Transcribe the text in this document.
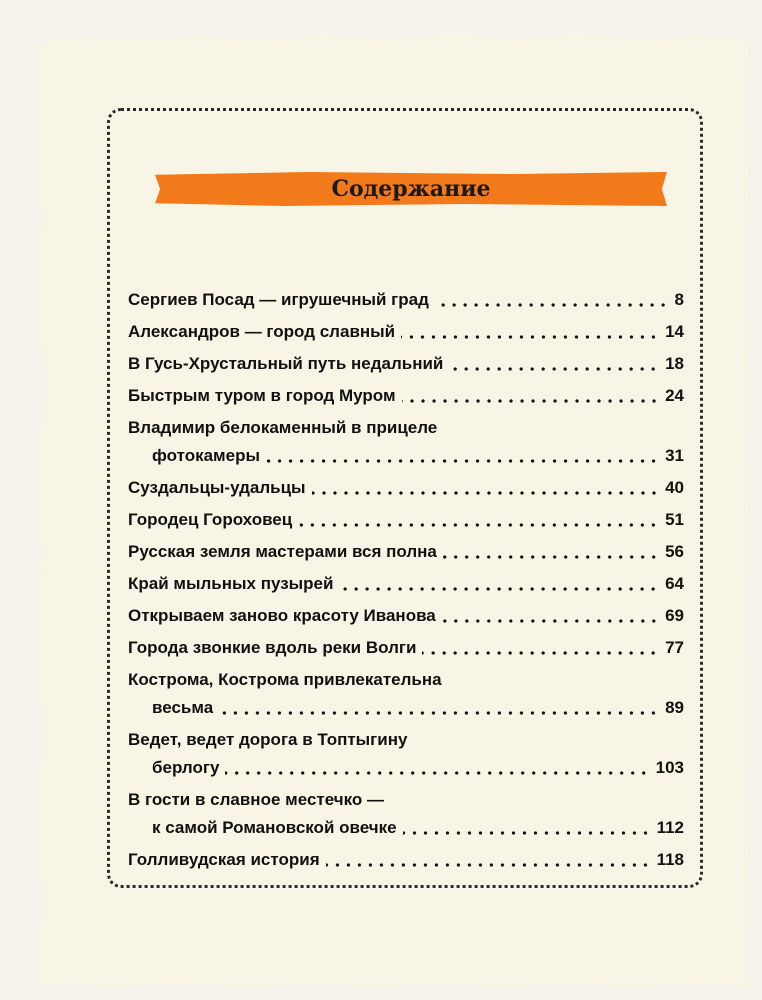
Содержание
Сергиев Посад — игрушечный град	8
Александров — город славный	14
В Гусь-Хрустальный путь недальний	18
Быстрым туром в город Муром	24
Владимир белокаменный в прицеле
фотокамеры	31
Суздальцы-удальцы	40
Городец Гороховец	51
Русская земля мастерами вся полна	56
Край мыльных пузырей	64
Открываем заново красоту Иванова	69
Города звонкие вдоль реки Волги	77
Кострома, Кострома привлекательна
весьма	89
Ведет, ведет дорога в Топтыгину
берлогу	103
В гости в славное местечко —
к самой Романовской овечке	112
Голливудская история	118
